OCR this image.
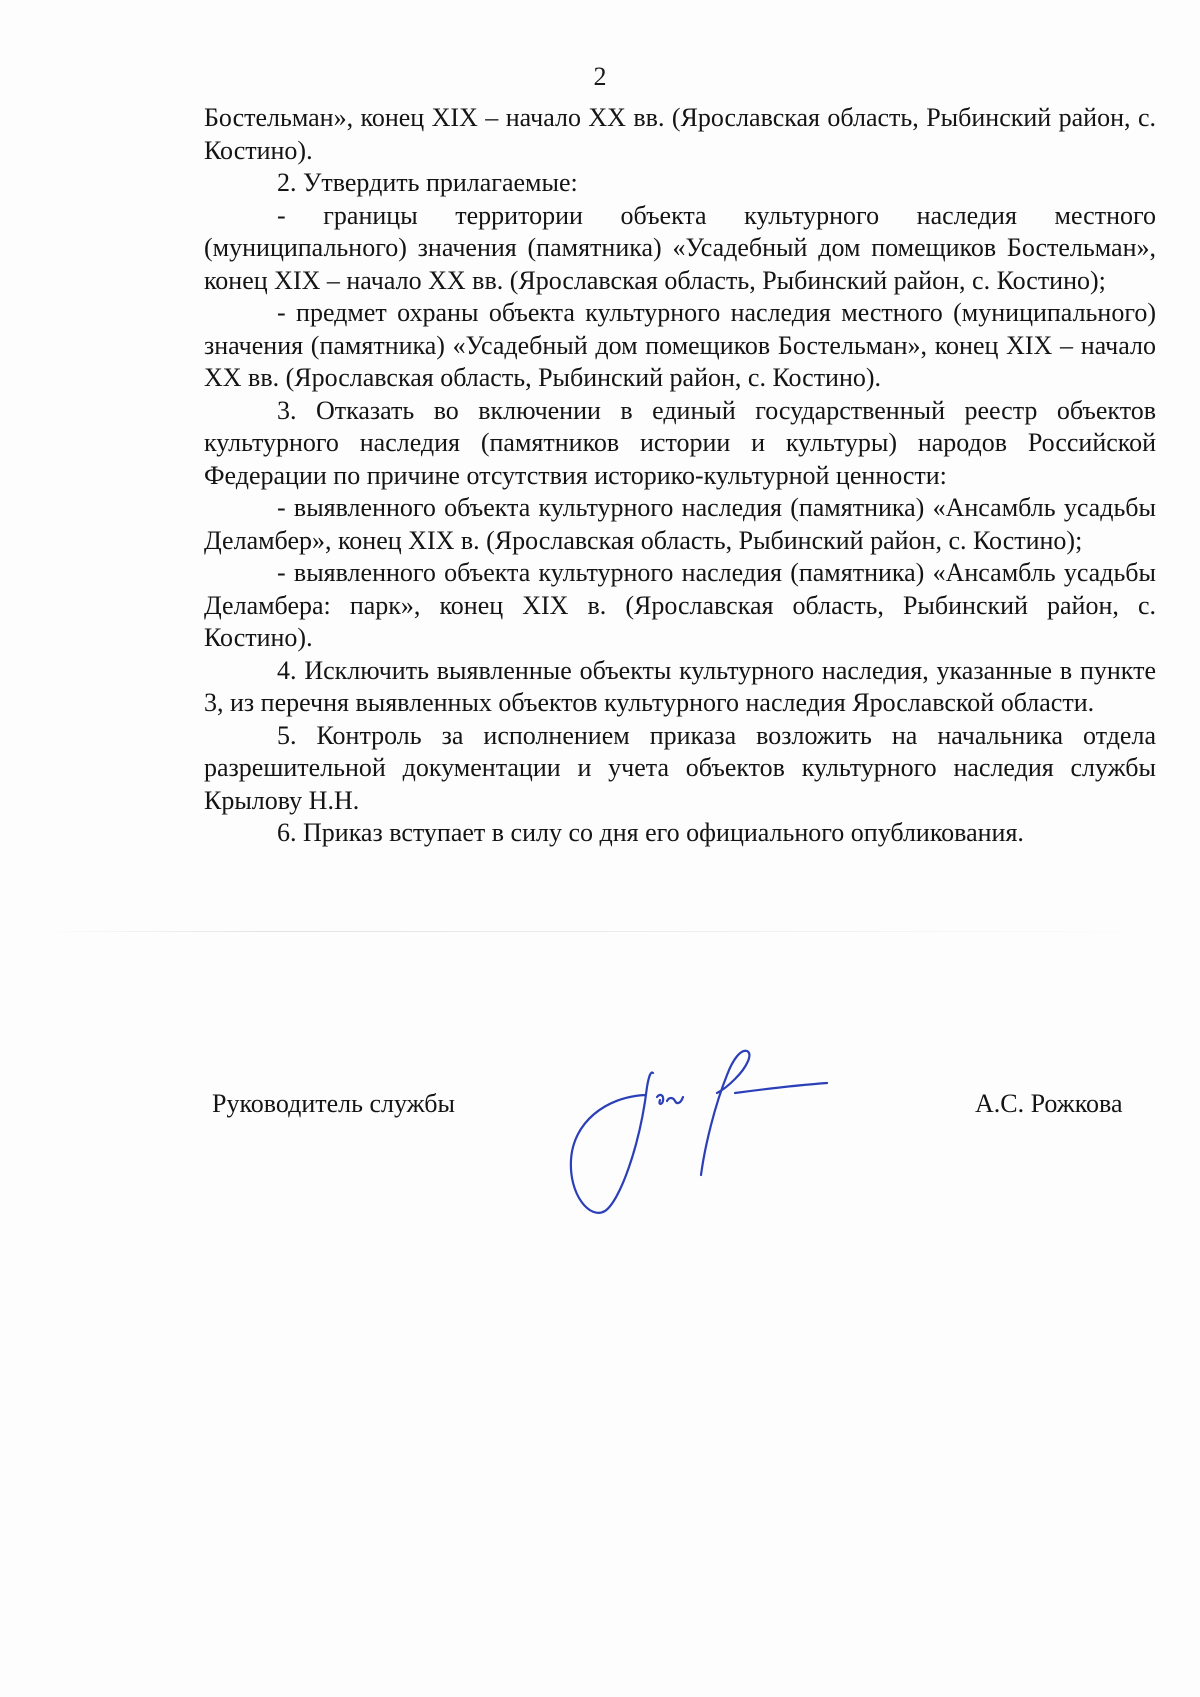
2

Бостельман», конец XIX – начало XX вв. (Ярославская область, Рыбинский район, с. Костино).

2. Утвердить прилагаемые:

- границы территории объекта культурного наследия местного (муниципального) значения (памятника) «Усадебный дом помещиков Бостельман», конец XIX – начало XX вв. (Ярославская область, Рыбинский район, с. Костино);

- предмет охраны объекта культурного наследия местного (муниципального) значения (памятника) «Усадебный дом помещиков Бостельман», конец XIX – начало XX вв. (Ярославская область, Рыбинский район, с. Костино).

3. Отказать во включении в единый государственный реестр объектов культурного наследия (памятников истории и культуры) народов Российской Федерации по причине отсутствия историко-культурной ценности:

- выявленного объекта культурного наследия (памятника) «Ансамбль усадьбы Деламбер», конец XIX в. (Ярославская область, Рыбинский район, с. Костино);

- выявленного объекта культурного наследия (памятника) «Ансамбль усадьбы Деламбера: парк», конец XIX в. (Ярославская область, Рыбинский район, с. Костино).

4. Исключить выявленные объекты культурного наследия, указанные в пункте 3, из перечня выявленных объектов культурного наследия Ярославской области.

5. Контроль за исполнением приказа возложить на начальника отдела разрешительной документации и учета объектов культурного наследия службы Крылову Н.Н.

6. Приказ вступает в силу со дня его официального опубликования.

Руководитель службы	А.С. Рожкова
